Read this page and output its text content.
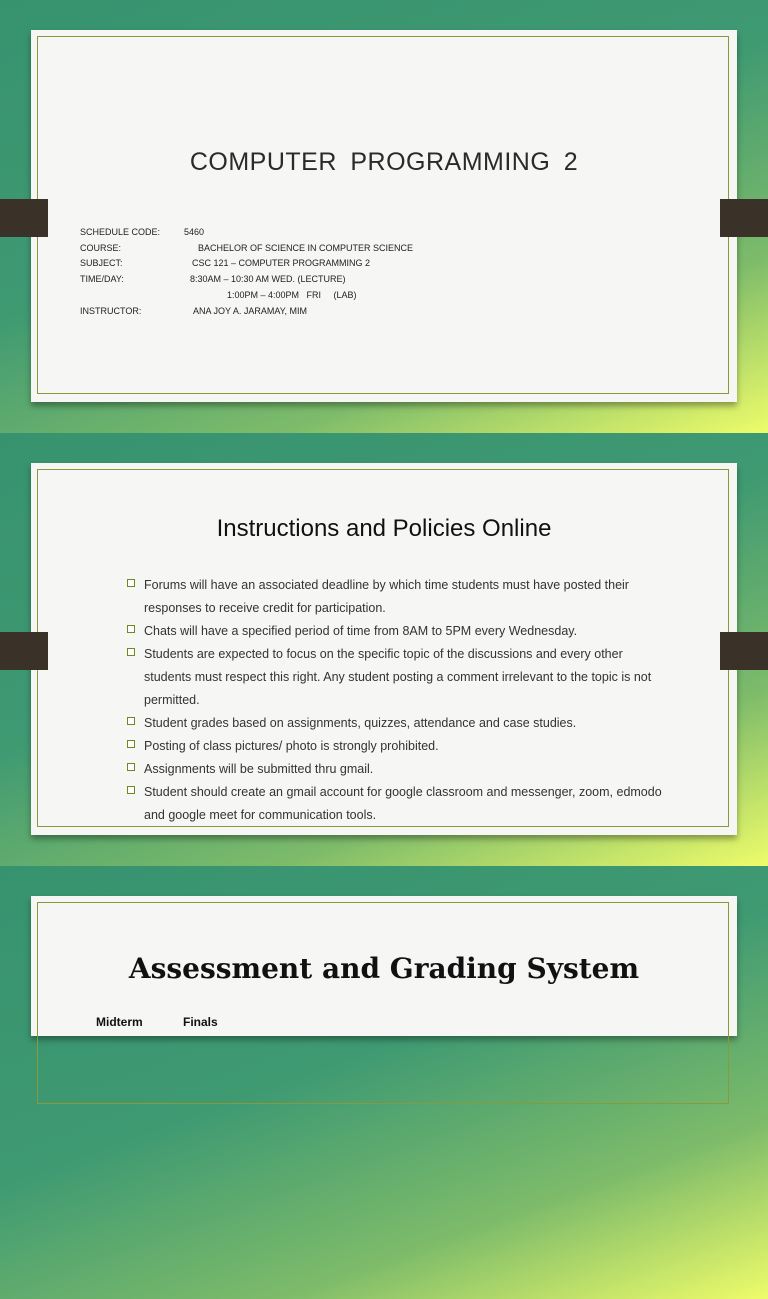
COMPUTER PROGRAMMING 2
SCHEDULE CODE:	5460
COURSE:	BACHELOR OF SCIENCE IN COMPUTER SCIENCE
SUBJECT:	CSC 121 – COMPUTER PROGRAMMING 2
TIME/DAY:	8:30AM – 10:30 AM WED. (LECTURE)
1:00PM – 4:00PM   FRI     (LAB)
INSTRUCTOR:	ANA JOY A. JARAMAY, MIM
Instructions and Policies Online
Forums will have an associated deadline by which time students must have posted their responses to receive credit for participation.
Chats will have a specified period of time from 8AM to 5PM every Wednesday.
Students are expected to focus on the specific topic of the discussions and every other students must respect this right. Any student posting a comment irrelevant to the topic is not permitted.
Student grades based on assignments, quizzes, attendance and case studies.
Posting of class pictures/ photo is strongly prohibited.
Assignments will be submitted thru gmail.
Student should create an gmail account for google classroom and messenger, zoom, edmodo and google meet for communication tools.
Assessment and Grading System
Midterm	Finals
